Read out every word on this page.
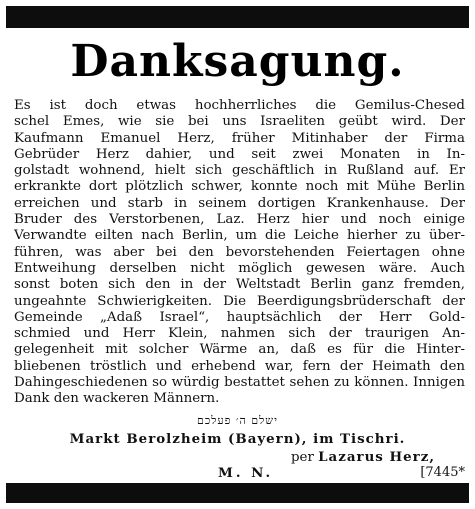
Danksagung.
Es ist doch etwas hochherrliches die Gemilus-Chesed
schel Emes, wie sie bei uns Israeliten geübt wird. Der
Kaufmann Emanuel Herz, früher Mitinhaber der Firma
Gebrüder Herz dahier, und seit zwei Monaten in In-
golstadt wohnend, hielt sich geschäftlich in Rußland auf. Er
erkrankte dort plötzlich schwer, konnte noch mit Mühe Berlin
erreichen und starb in seinem dortigen Krankenhause. Der
Bruder des Verstorbenen, Laz. Herz hier und noch einige
Verwandte eilten nach Berlin, um die Leiche hierher zu über-
führen, was aber bei den bevorstehenden Feiertagen ohne
Entweihung derselben nicht möglich gewesen wäre. Auch
sonst boten sich den in der Weltstadt Berlin ganz fremden,
ungeahnte Schwierigkeiten. Die Beerdigungsbrüderschaft der
Gemeinde „Adaß Israel“, hauptsächlich der Herr Gold-
schmied und Herr Klein, nahmen sich der traurigen An-
gelegenheit mit solcher Wärme an, daß es für die Hinter-
bliebenen tröstlich und erhebend war, fern der Heimath den
Dahingeschiedenen so würdig bestattet sehen zu können. Innigen
Dank den wackeren Männern.
ישלם ה׳ פעלכם
Markt Berolzheim (Bayern), im Tischri.
per Lazarus Herz,
M. N.	[7445*
